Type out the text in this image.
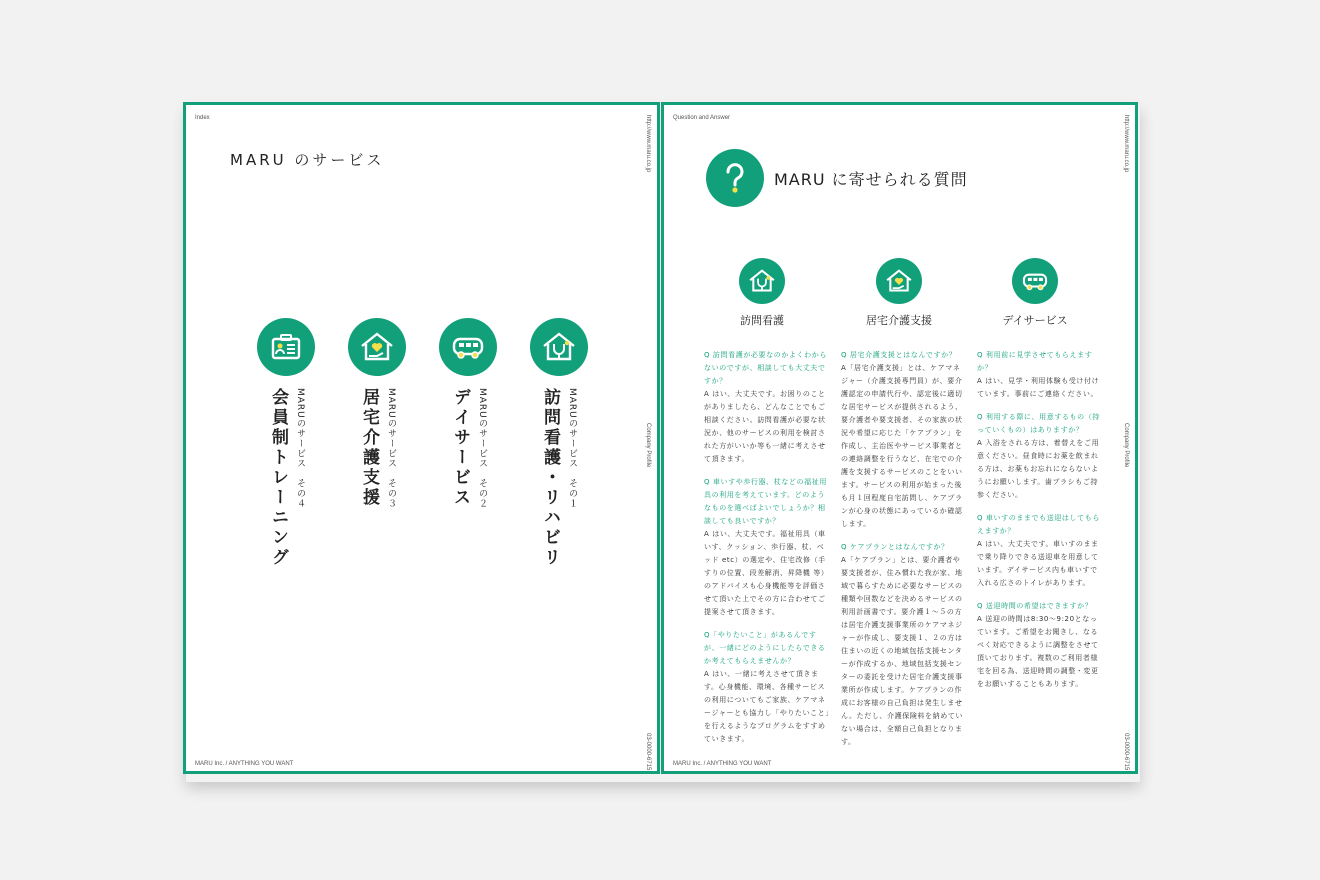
Index	http://www.maru.co.jp
Company Profile
03-0000-6715
MARU Inc. / ANYTHING YOU WANT
MARU のサービス
MARUのサービス　その１
訪問看護・リハビリ
MARUのサービス　その２
デイサービス
MARUのサービス　その３
居宅介護支援
MARUのサービス　その４
会員制トレーニング
Question and Answer	http://www.maru.co.jp
Company Profile
03-0000-6715
MARU Inc. / ANYTHING YOU WANT
MARU に寄せられる質問
訪問看護	居宅介護支援	デイサービス
Q 訪問看護が必要なのかよくわからないのですが、相談しても大丈夫ですか？
A はい、大丈夫です。お困りのことがありましたら、どんなことでもご相談ください。訪問看護が必要な状況か、他のサービスの利用を検討された方がいいか等も一緒に考えさせて頂きます。
Q 車いすや歩行器、杖などの福祉用具の利用を考えています。どのようなものを選べばよいでしょうか？相談しても良いですか？
A はい、大丈夫です。福祉用具（車いす、クッション、歩行器、杖、ベッド etc）の選定や、住宅改修（手すりの位置、段差解消、昇降機 等）のアドバイスも心身機能等を評価させて頂いた上でその方に合わせてご提案させて頂きます。
Q「やりたいこと」があるんですが、一緒にどのようにしたらできるか考えてもらえませんか？
A はい、一緒に考えさせて頂きます。心身機能、環境、各種サービスの利用についてもご家族、ケアマネージャーとも協力し「やりたいこと」を行えるようなプログラムをすすめていきます。
Q 居宅介護支援とはなんですか？
A「居宅介護支援」とは、ケアマネジャー（介護支援専門員）が、要介護認定の申請代行や、認定後に適切な居宅サービスが提供されるよう、要介護者や要支援者、その家族の状況や希望に応じた「ケアプラン」を作成し、主治医やサービス事業者との連絡調整を行うなど、在宅での介護を支援するサービスのことをいいます。サービスの利用が始まった後も月１回程度自宅訪問し、ケアプランが心身の状態にあっているか確認します。
Q ケアプランとはなんですか？
A「ケアプラン」とは、要介護者や要支援者が、住み慣れた我が家、地域で暮らすために必要なサービスの種類や回数などを決めるサービスの利用計画書です。要介護１〜５の方は居宅介護支援事業所のケアマネジャーが作成し、要支援１、２の方は住まいの近くの地域包括支援センターが作成するか、地域包括支援センターの委託を受けた居宅介護支援事業所が作成します。ケアプランの作成にお客様の自己負担は発生しません。ただし、介護保険料を納めていない場合は、全額自己負担となります。
Q 利用前に見学させてもらえますか？
A はい、見学・利用体験も受け付けています。事前にご連絡ください。
Q 利用する際に、用意するもの（持っていくもの）はありますか？
A 入浴をされる方は、着替えをご用意ください。昼食時にお薬を飲まれる方は、お薬もお忘れにならないようにお願いします。歯ブラシもご持参ください。
Q 車いすのままでも送迎はしてもらえますか？
A はい、大丈夫です。車いすのままで乗り降りできる送迎車を用意しています。デイサービス内も車いすで入れる広さのトイレがあります。
Q 送迎時間の希望はできますか？
A 送迎の時間は8:30〜9:20となっています。ご希望をお聞きし、なるべく対応できるように調整をさせて頂いております。複数のご利用者様宅を回る為、送迎時間の調整・変更をお願いすることもあります。
